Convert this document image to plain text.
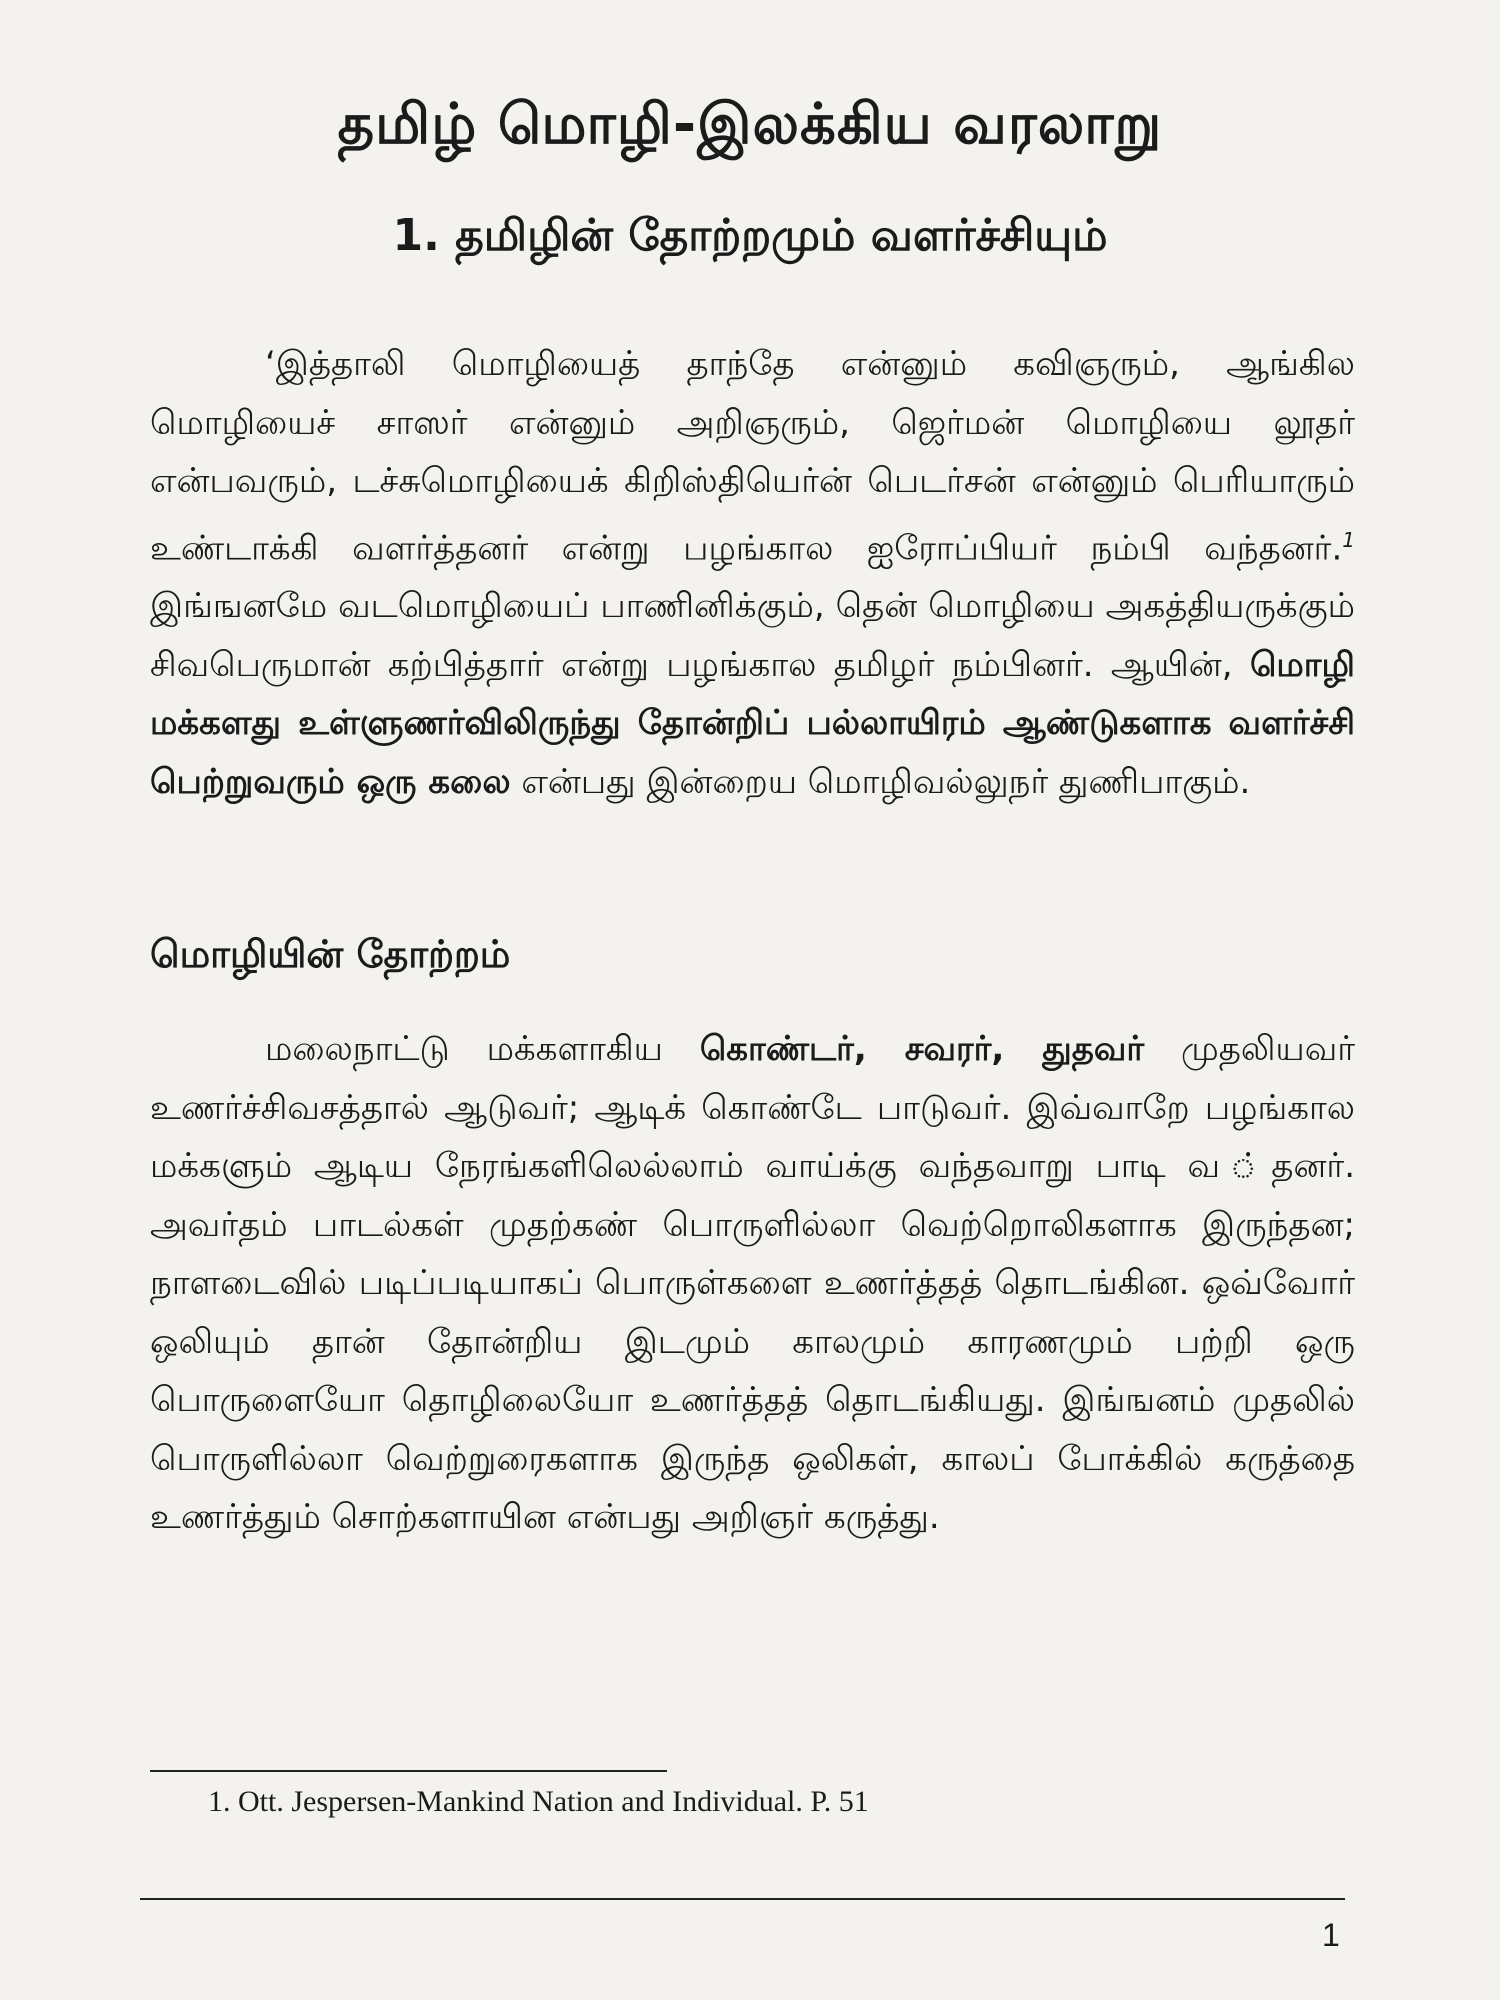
தமிழ் மொழி-இலக்கிய வரலாறு
1. தமிழின் தோற்றமும் வளர்ச்சியும்

‘இத்தாலி மொழியைத் தாந்தே என்னும் கவிஞரும், ஆங்கில மொழியைச் சாஸர் என்னும் அறிஞரும், ஜெர்மன் மொழியை லூதர் என்பவரும், டச்சுமொழியைக் கிறிஸ்தியெர்ன் பெடர்சன் என்னும் பெரியாரும் உண்டாக்கி வளர்த்தனர் என்று பழங்கால ஐரோப்பியர் நம்பி வந்தனர்.$^1$ இங்ஙனமே வடமொழியைப் பாணினிக்கும், தென் மொழியை அகத்தியருக்கும் சிவபெருமான் கற்பித்தார் என்று பழங்கால தமிழர் நம்பினர். ஆயின், மொழி மக்களது உள்ளுணர்விலிருந்து தோன்றிப் பல்லாயிரம் ஆண்டுகளாக வளர்ச்சி பெற்றுவரும் ஒரு கலை என்பது இன்றைய மொழிவல்லுநர் துணிபாகும்.

மொழியின் தோற்றம்

மலைநாட்டு மக்களாகிய கொண்டர், சவரர், துதவர் முதலியவர் உணர்ச்சிவசத்தால் ஆடுவர்; ஆடிக் கொண்டே பாடுவர். இவ்வாறே பழங்கால மக்களும் ஆடிய நேரங்களிலெல்லாம் வாய்க்கு வந்தவாறு பாடி வ ்தனர். அவர்தம் பாடல்கள் முதற்கண் பொருளில்லா வெற்றொலிகளாக இருந்தன; நாளடைவில் படிப்படியாகப் பொருள்களை உணர்த்தத் தொடங்கின. ஒவ்வோர் ஒலியும் தான் தோன்றிய இடமும் காலமும் காரணமும் பற்றி ஒரு பொருளையோ தொழிலையோ உணர்த்தத் தொடங்கியது. இங்ஙனம் முதலில் பொருளில்லா வெற்றுரைகளாக இருந்த ஒலிகள், காலப் போக்கில் கருத்தை உணர்த்தும் சொற்களாயின என்பது அறிஞர் கருத்து.

1. Ott. Jespersen-Mankind Nation and Individual. P. 51
1
